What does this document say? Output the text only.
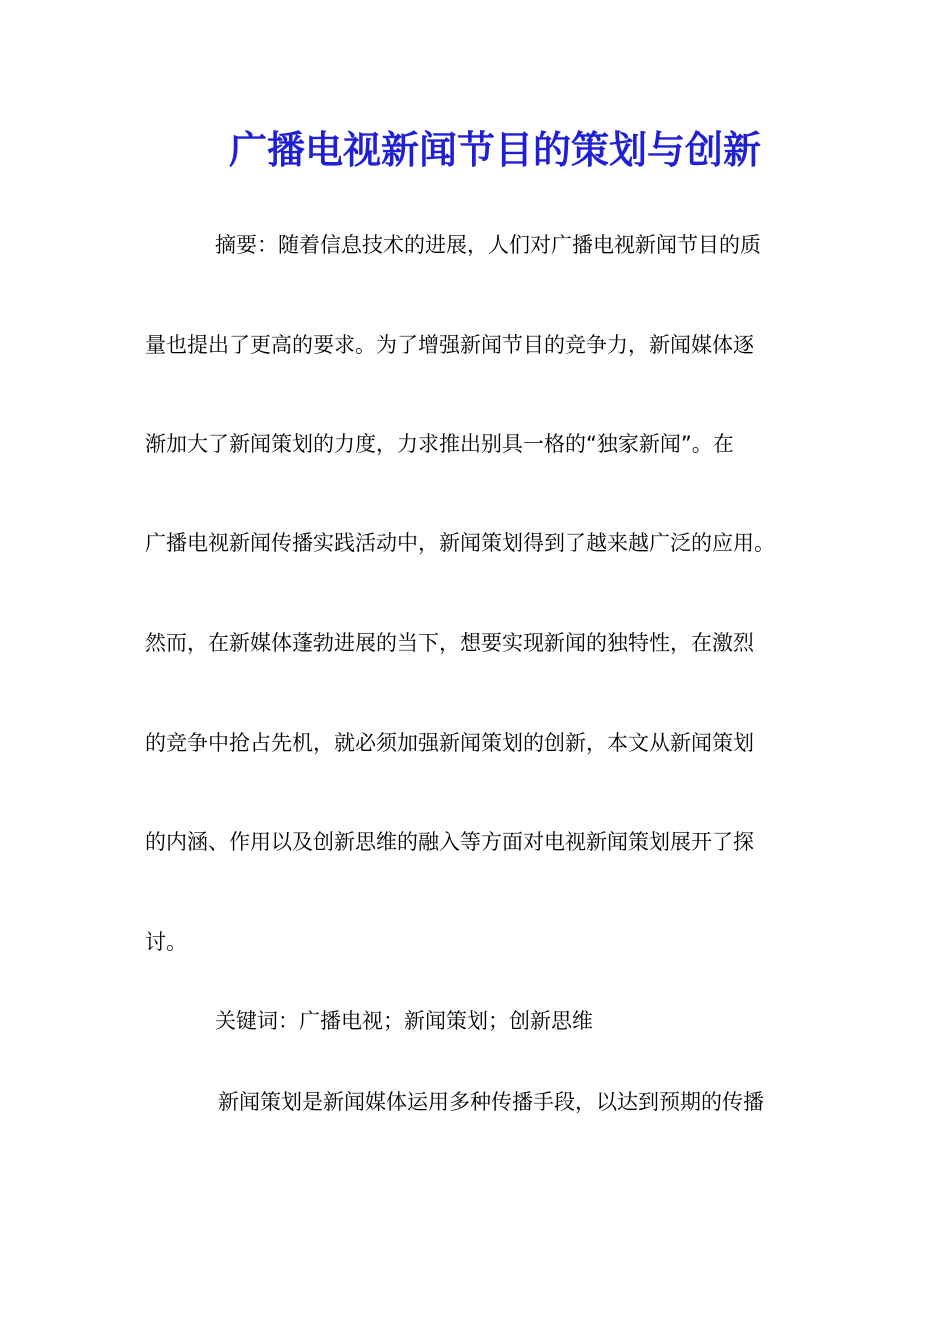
广播电视新闻节目的策划与创新
摘要：随着信息技术的进展，人们对广播电视新闻节目的质
量也提出了更高的要求。为了增强新闻节目的竞争力，新闻媒体逐
渐加大了新闻策划的力度，力求推出别具一格的“独家新闻”。在
广播电视新闻传播实践活动中，新闻策划得到了越来越广泛的应用。
然而，在新媒体蓬勃进展的当下，想要实现新闻的独特性，在激烈
的竞争中抢占先机，就必须加强新闻策划的创新，本文从新闻策划
的内涵、作用以及创新思维的融入等方面对电视新闻策划展开了探
讨。
关键词：广播电视；新闻策划；创新思维
新闻策划是新闻媒体运用多种传播手段，以达到预期的传播
